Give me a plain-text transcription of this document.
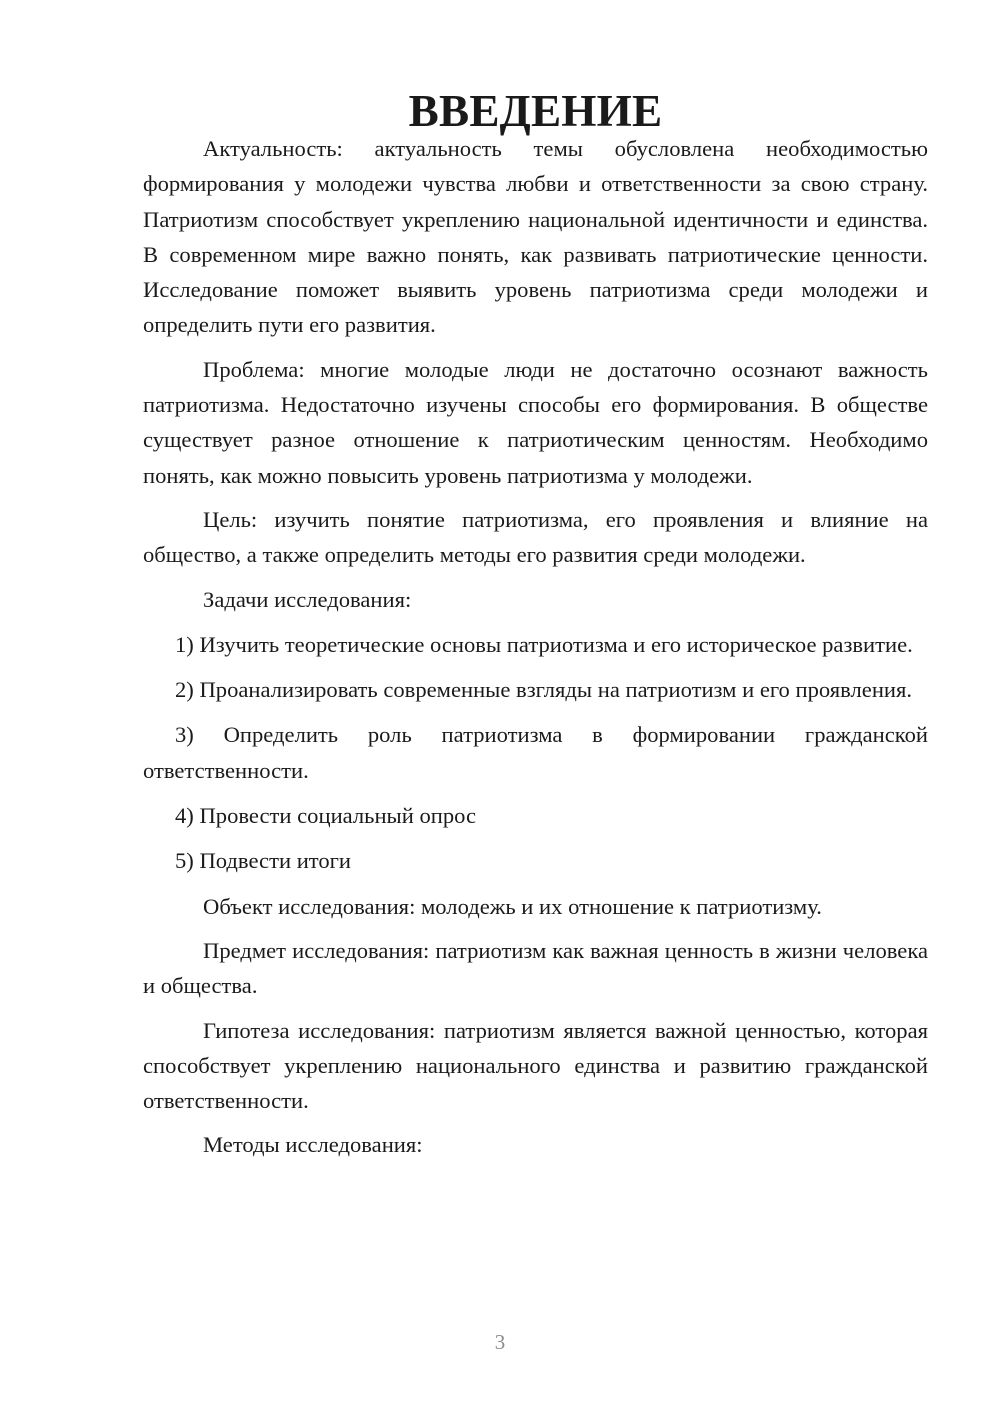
ВВЕДЕНИЕ

Актуальность: актуальность темы обусловлена необходимостью формирования у молодежи чувства любви и ответственности за свою страну. Патриотизм способствует укреплению национальной идентичности и единства. В современном мире важно понять, как развивать патриотические ценности. Исследование поможет выявить уровень патриотизма среди молодежи и определить пути его развития.

Проблема: многие молодые люди не достаточно осознают важность патриотизма. Недостаточно изучены способы его формирования. В обществе существует разное отношение к патриотическим ценностям. Необходимо понять, как можно повысить уровень патриотизма у молодежи.

Цель: изучить понятие патриотизма, его проявления и влияние на общество, а также определить методы его развития среди молодежи.

Задачи исследования:

1) Изучить теоретические основы патриотизма и его историческое развитие.

2) Проанализировать современные взгляды на патриотизм и его проявления.

3) Определить роль патриотизма в формировании гражданской ответственности.

4) Провести социальный опрос

5) Подвести итоги

Объект исследования: молодежь и их отношение к патриотизму.

Предмет исследования: патриотизм как важная ценность в жизни человека и общества.

Гипотеза исследования: патриотизм является важной ценностью, которая способствует укреплению национального единства и развитию гражданской ответственности.

Методы исследования:

3
